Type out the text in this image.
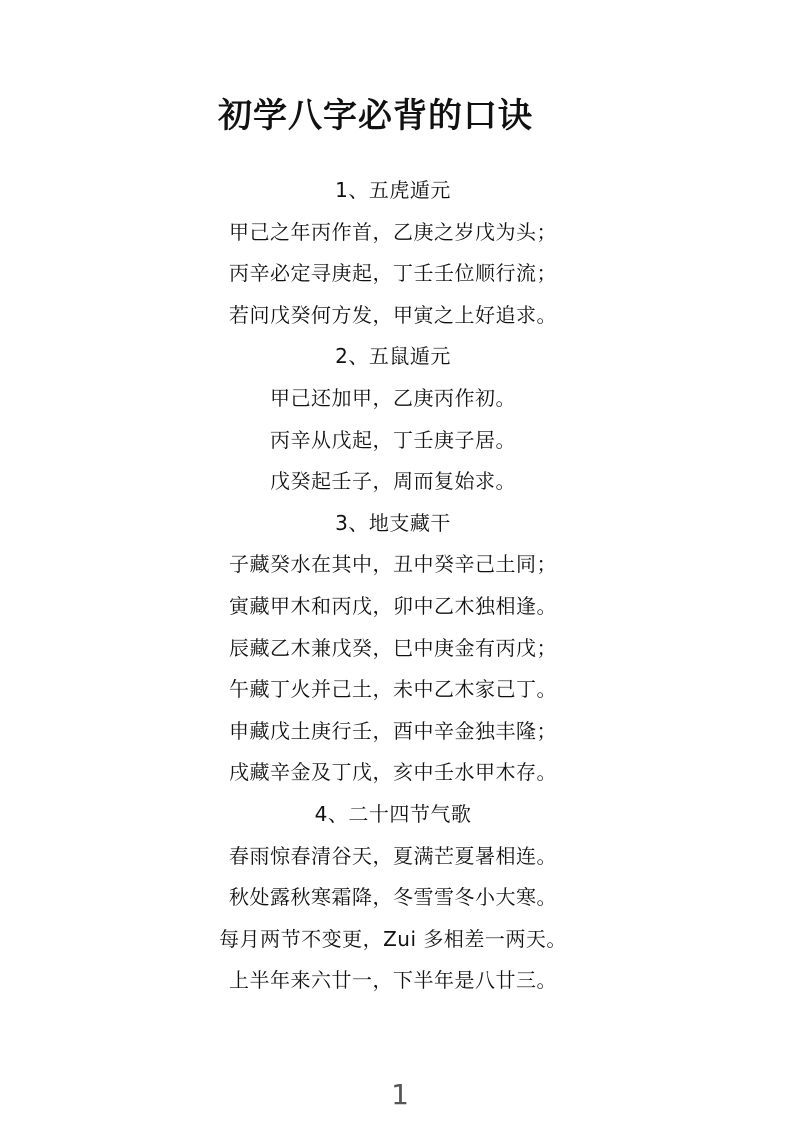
初学八字必背的口诀
1、五虎遁元
甲己之年丙作首，乙庚之岁戊为头；
丙辛必定寻庚起，丁壬壬位顺行流；
若问戊癸何方发，甲寅之上好追求。
2、五鼠遁元
甲己还加甲，乙庚丙作初。
丙辛从戊起，丁壬庚子居。
戊癸起壬子，周而复始求。
3、地支藏干
子藏癸水在其中，丑中癸辛己土同；
寅藏甲木和丙戊，卯中乙木独相逢。
辰藏乙木兼戊癸，巳中庚金有丙戊；
午藏丁火并己土，未中乙木家己丁。
申藏戊土庚行壬，酉中辛金独丰隆；
戌藏辛金及丁戊，亥中壬水甲木存。
4、二十四节气歌
春雨惊春清谷天，夏满芒夏暑相连。
秋处露秋寒霜降，冬雪雪冬小大寒。
每月两节不变更，Zui 多相差一两天。
上半年来六廿一，下半年是八廿三。
1
